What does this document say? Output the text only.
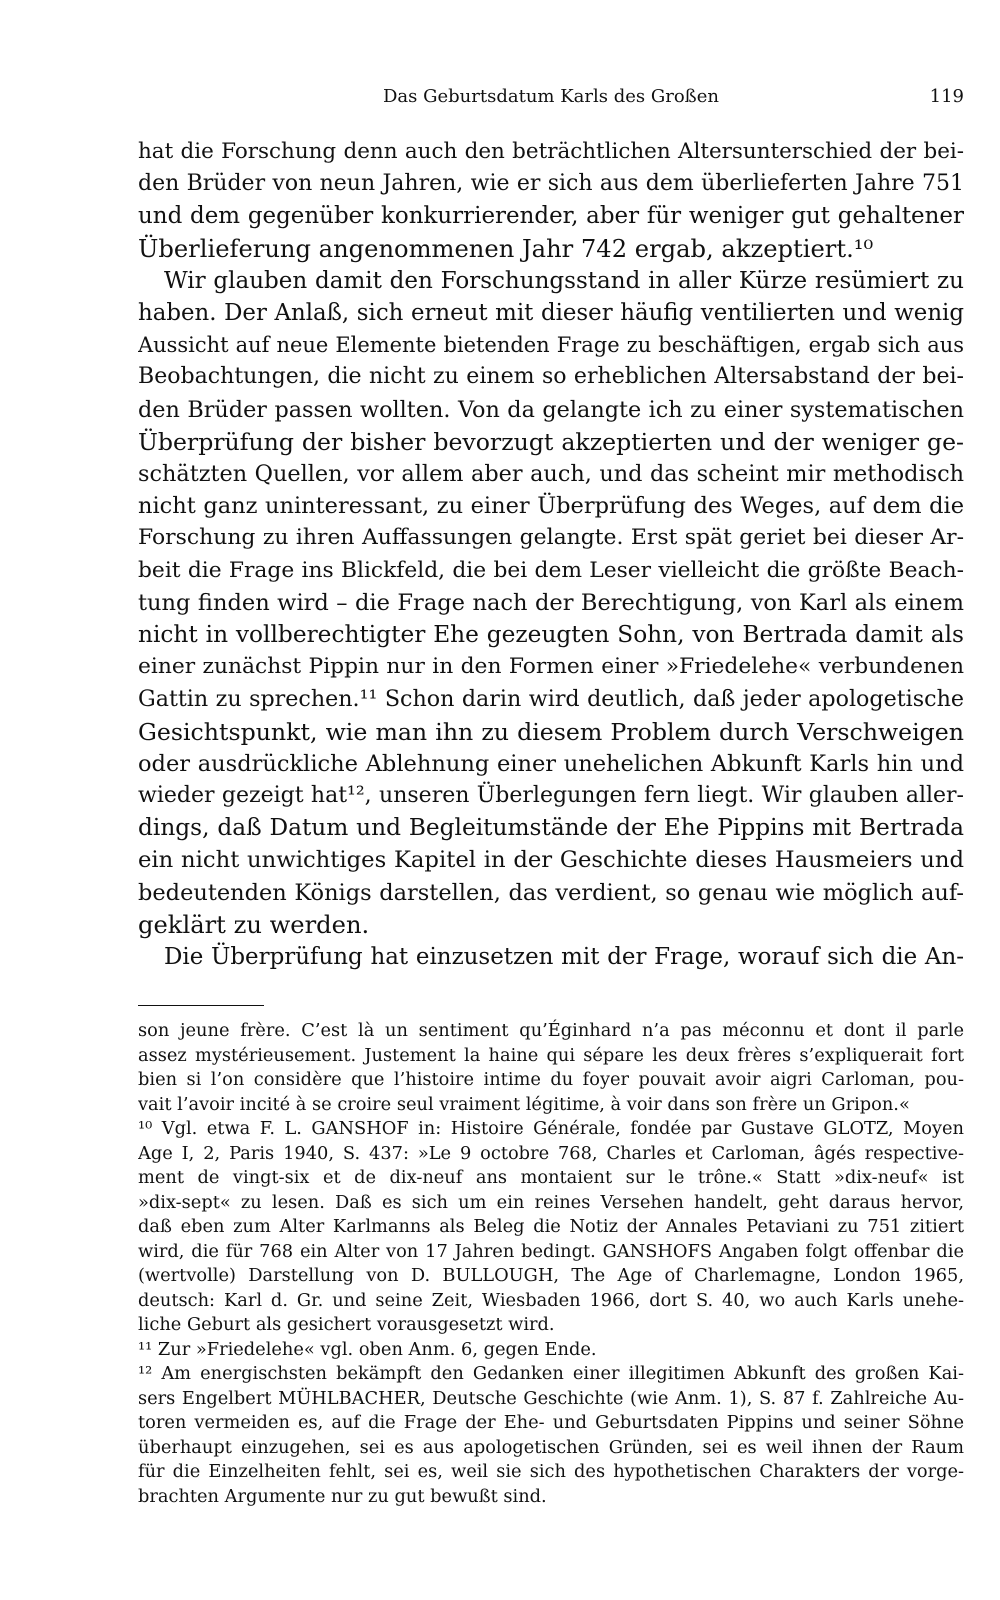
Das Geburtsdatum Karls des Großen	119
hat die Forschung denn auch den beträchtlichen Altersunterschied der bei-
den Brüder von neun Jahren, wie er sich aus dem überlieferten Jahre 751
und dem gegenüber konkurrierender, aber für weniger gut gehaltener
Überlieferung angenommenen Jahr 742 ergab, akzeptiert.¹⁰
Wir glauben damit den Forschungsstand in aller Kürze resümiert zu
haben. Der Anlaß, sich erneut mit dieser häufig ventilierten und wenig
Aussicht auf neue Elemente bietenden Frage zu beschäftigen, ergab sich aus
Beobachtungen, die nicht zu einem so erheblichen Altersabstand der bei-
den Brüder passen wollten. Von da gelangte ich zu einer systematischen
Überprüfung der bisher bevorzugt akzeptierten und der weniger ge-
schätzten Quellen, vor allem aber auch, und das scheint mir methodisch
nicht ganz uninteressant, zu einer Überprüfung des Weges, auf dem die
Forschung zu ihren Auffassungen gelangte. Erst spät geriet bei dieser Ar-
beit die Frage ins Blickfeld, die bei dem Leser vielleicht die größte Beach-
tung finden wird – die Frage nach der Berechtigung, von Karl als einem
nicht in vollberechtigter Ehe gezeugten Sohn, von Bertrada damit als
einer zunächst Pippin nur in den Formen einer »Friedelehe« verbundenen
Gattin zu sprechen.¹¹ Schon darin wird deutlich, daß jeder apologetische
Gesichtspunkt, wie man ihn zu diesem Problem durch Verschweigen
oder ausdrückliche Ablehnung einer unehelichen Abkunft Karls hin und
wieder gezeigt hat¹², unseren Überlegungen fern liegt. Wir glauben aller-
dings, daß Datum und Begleitumstände der Ehe Pippins mit Bertrada
ein nicht unwichtiges Kapitel in der Geschichte dieses Hausmeiers und
bedeutenden Königs darstellen, das verdient, so genau wie möglich auf-
geklärt zu werden.
Die Überprüfung hat einzusetzen mit der Frage, worauf sich die An-
son jeune frère. C’est là un sentiment qu’Éginhard n’a pas méconnu et dont il parle
assez mystérieusement. Justement la haine qui sépare les deux frères s’expliquerait fort
bien si l’on considère que l’histoire intime du foyer pouvait avoir aigri Carloman, pou-
vait l’avoir incité à se croire seul vraiment légitime, à voir dans son frère un Gripon.«
¹⁰ Vgl. etwa F. L. GANSHOF in: Histoire Générale, fondée par Gustave GLOTZ, Moyen
Age I, 2, Paris 1940, S. 437: »Le 9 octobre 768, Charles et Carloman, âgés respective-
ment de vingt-six et de dix-neuf ans montaient sur le trône.« Statt »dix-neuf« ist
»dix-sept« zu lesen. Daß es sich um ein reines Versehen handelt, geht daraus hervor,
daß eben zum Alter Karlmanns als Beleg die Notiz der Annales Petaviani zu 751 zitiert
wird, die für 768 ein Alter von 17 Jahren bedingt. GANSHOFS Angaben folgt offenbar die
(wertvolle) Darstellung von D. BULLOUGH, The Age of Charlemagne, London 1965,
deutsch: Karl d. Gr. und seine Zeit, Wiesbaden 1966, dort S. 40, wo auch Karls unehe-
liche Geburt als gesichert vorausgesetzt wird.
¹¹ Zur »Friedelehe« vgl. oben Anm. 6, gegen Ende.
¹² Am energischsten bekämpft den Gedanken einer illegitimen Abkunft des großen Kai-
sers Engelbert MÜHLBACHER, Deutsche Geschichte (wie Anm. 1), S. 87 f. Zahlreiche Au-
toren vermeiden es, auf die Frage der Ehe- und Geburtsdaten Pippins und seiner Söhne
überhaupt einzugehen, sei es aus apologetischen Gründen, sei es weil ihnen der Raum
für die Einzelheiten fehlt, sei es, weil sie sich des hypothetischen Charakters der vorge-
brachten Argumente nur zu gut bewußt sind.
